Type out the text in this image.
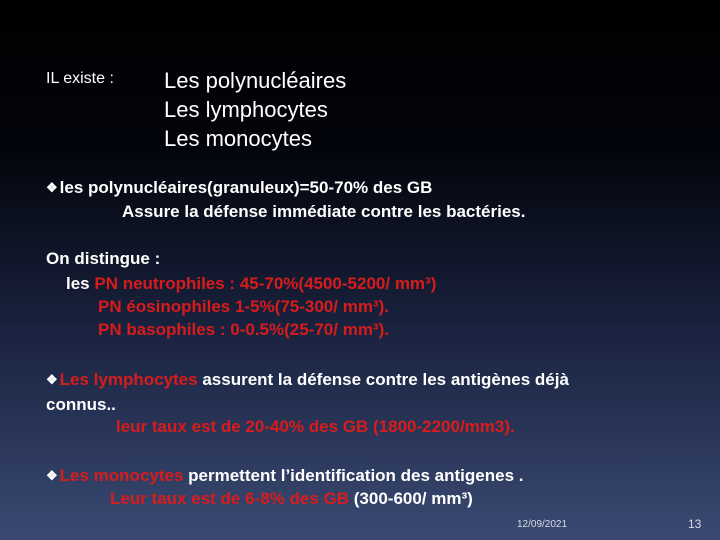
IL existe : Les polynucléaires
Les lymphocytes
Les monocytes
❖ les polynucléaires(granuleux)=50-70% des GB
Assure la défense immédiate contre les bactéries.
On distingue :
les PN neutrophiles : 45-70%(4500-5200/ mm³)
PN éosinophiles 1-5%(75-300/ mm³).
PN basophiles : 0-0.5%(25-70/ mm³).
❖ Les lymphocytes assurent la défense contre les antigènes déjà
connus..
leur taux est de 20-40% des GB (1800-2200/mm3).
❖ Les monocytes permettent l’identification des antigenes .
Leur taux est de 6-8% des GB (300-600/ mm³)
12/09/2021	13
